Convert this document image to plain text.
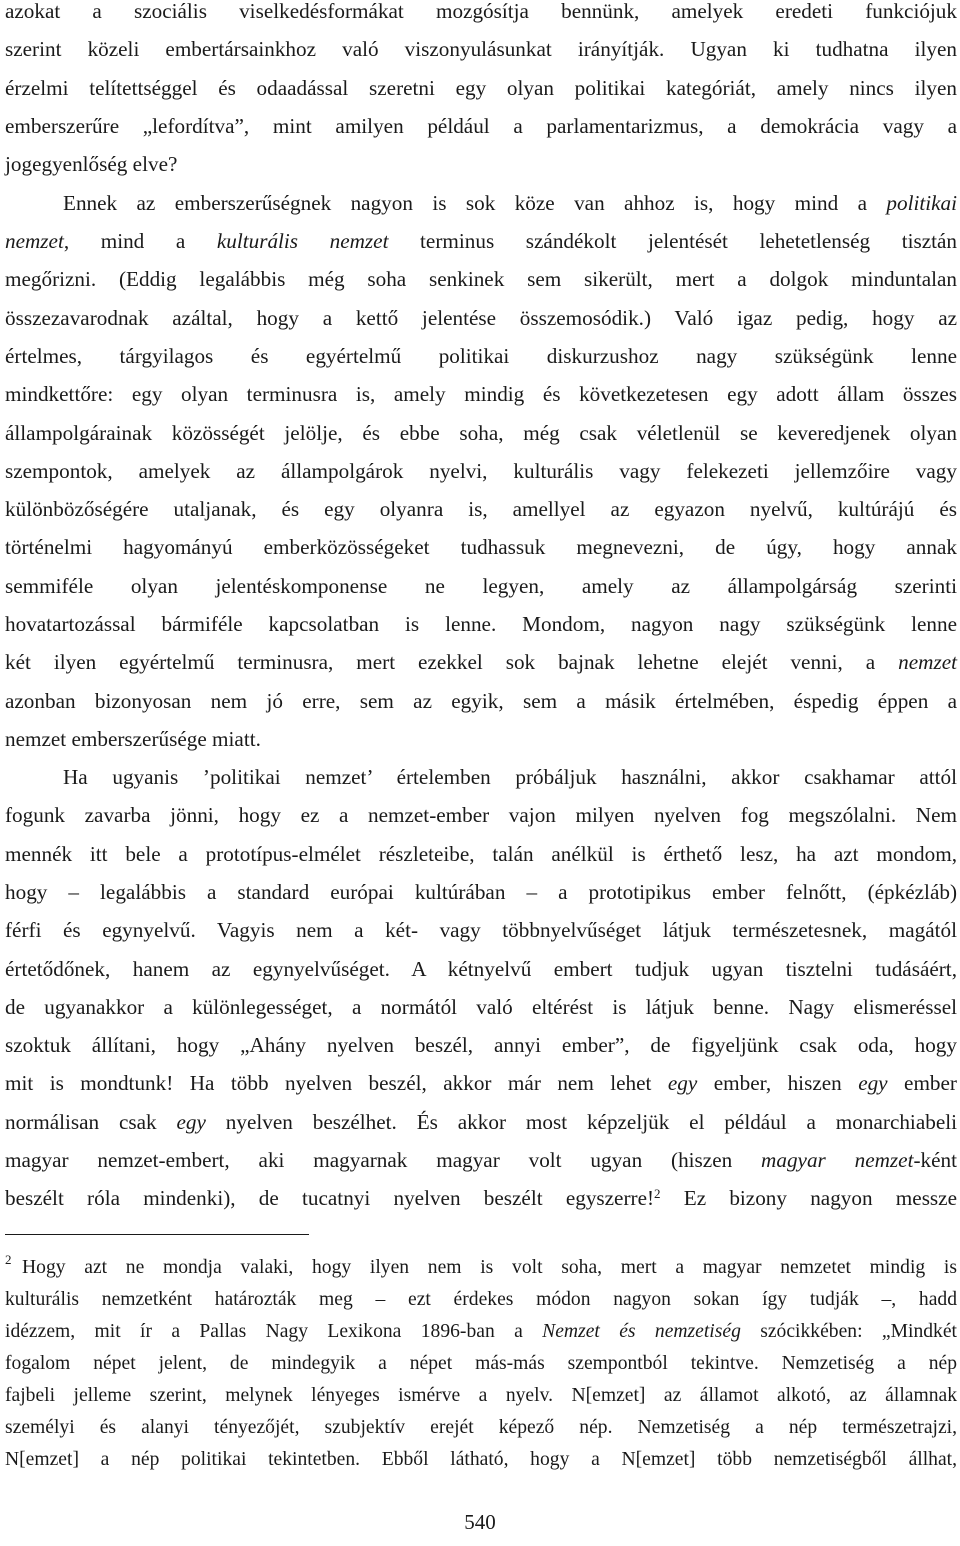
azokat a szociális viselkedésformákat mozgósítja bennünk, amelyek eredeti funkciójuk
szerint közeli embertársainkhoz való viszonyulásunkat irányítják. Ugyan ki tudhatna ilyen
érzelmi telítettséggel és odaadással szeretni egy olyan politikai kategóriát, amely nincs ilyen
emberszerűre „lefordítva”, mint amilyen például a parlamentarizmus, a demokrácia vagy a
jogegyenlőség elve?
Ennek az emberszerűségnek nagyon is sok köze van ahhoz is, hogy mind a politikai
nemzet, mind a kulturális nemzet terminus szándékolt jelentését lehetetlenség tisztán
megőrizni. (Eddig legalábbis még soha senkinek sem sikerült, mert a dolgok minduntalan
összezavarodnak azáltal, hogy a kettő jelentése összemosódik.) Való igaz pedig, hogy az
értelmes, tárgyilagos és egyértelmű politikai diskurzushoz nagy szükségünk lenne
mindkettőre: egy olyan terminusra is, amely mindig és következetesen egy adott állam összes
állampolgárainak közösségét jelölje, és ebbe soha, még csak véletlenül se keveredjenek olyan
szempontok, amelyek az állampolgárok nyelvi, kulturális vagy felekezeti jellemzőire vagy
különbözőségére utaljanak, és egy olyanra is, amellyel az egyazon nyelvű, kultúrájú és
történelmi hagyományú emberközösségeket tudhassuk megnevezni, de úgy, hogy annak
semmiféle olyan jelentéskomponense ne legyen, amely az állampolgárság szerinti
hovatartozással bármiféle kapcsolatban is lenne. Mondom, nagyon nagy szükségünk lenne
két ilyen egyértelmű terminusra, mert ezekkel sok bajnak lehetne elejét venni, a nemzet
azonban bizonyosan nem jó erre, sem az egyik, sem a másik értelmében, éspedig éppen a
nemzet emberszerűsége miatt.
Ha ugyanis ’politikai nemzet’ értelemben próbáljuk használni, akkor csakhamar attól
fogunk zavarba jönni, hogy ez a nemzet-ember vajon milyen nyelven fog megszólalni. Nem
mennék itt bele a prototípus-elmélet részleteibe, talán anélkül is érthető lesz, ha azt mondom,
hogy – legalábbis a standard európai kultúrában – a prototipikus ember felnőtt, (épkézláb)
férfi és egynyelvű. Vagyis nem a két- vagy többnyelvűséget látjuk természetesnek, magától
értetődőnek, hanem az egynyelvűséget. A kétnyelvű embert tudjuk ugyan tisztelni tudásáért,
de ugyanakkor a különlegességet, a normától való eltérést is látjuk benne. Nagy elismeréssel
szoktuk állítani, hogy „Ahány nyelven beszél, annyi ember”, de figyeljünk csak oda, hogy
mit is mondtunk! Ha több nyelven beszél, akkor már nem lehet egy ember, hiszen egy ember
normálisan csak egy nyelven beszélhet. És akkor most képzeljük el például a monarchiabeli
magyar nemzet-embert, aki magyarnak magyar volt ugyan (hiszen magyar nemzet-ként
beszélt róla mindenki), de tucatnyi nyelven beszélt egyszerre!$^2$ Ez bizony nagyon messze
2 Hogy azt ne mondja valaki, hogy ilyen nem is volt soha, mert a magyar nemzetet mindig is
kulturális nemzetként határozták meg – ezt érdekes módon nagyon sokan így tudják –, hadd
idézzem, mit ír a Pallas Nagy Lexikona 1896-ban a Nemzet és nemzetiség szócikkében: „Mindkét
fogalom népet jelent, de mindegyik a népet más-más szempontból tekintve. Nemzetiség a nép
fajbeli jelleme szerint, melynek lényeges ismérve a nyelv. N[emzet] az államot alkotó, az államnak
személyi és alanyi tényezőjét, szubjektív erejét képező nép. Nemzetiség a nép természetrajzi,
N[emzet] a nép politikai tekintetben. Ebből látható, hogy a N[emzet] több nemzetiségből állhat,
540
